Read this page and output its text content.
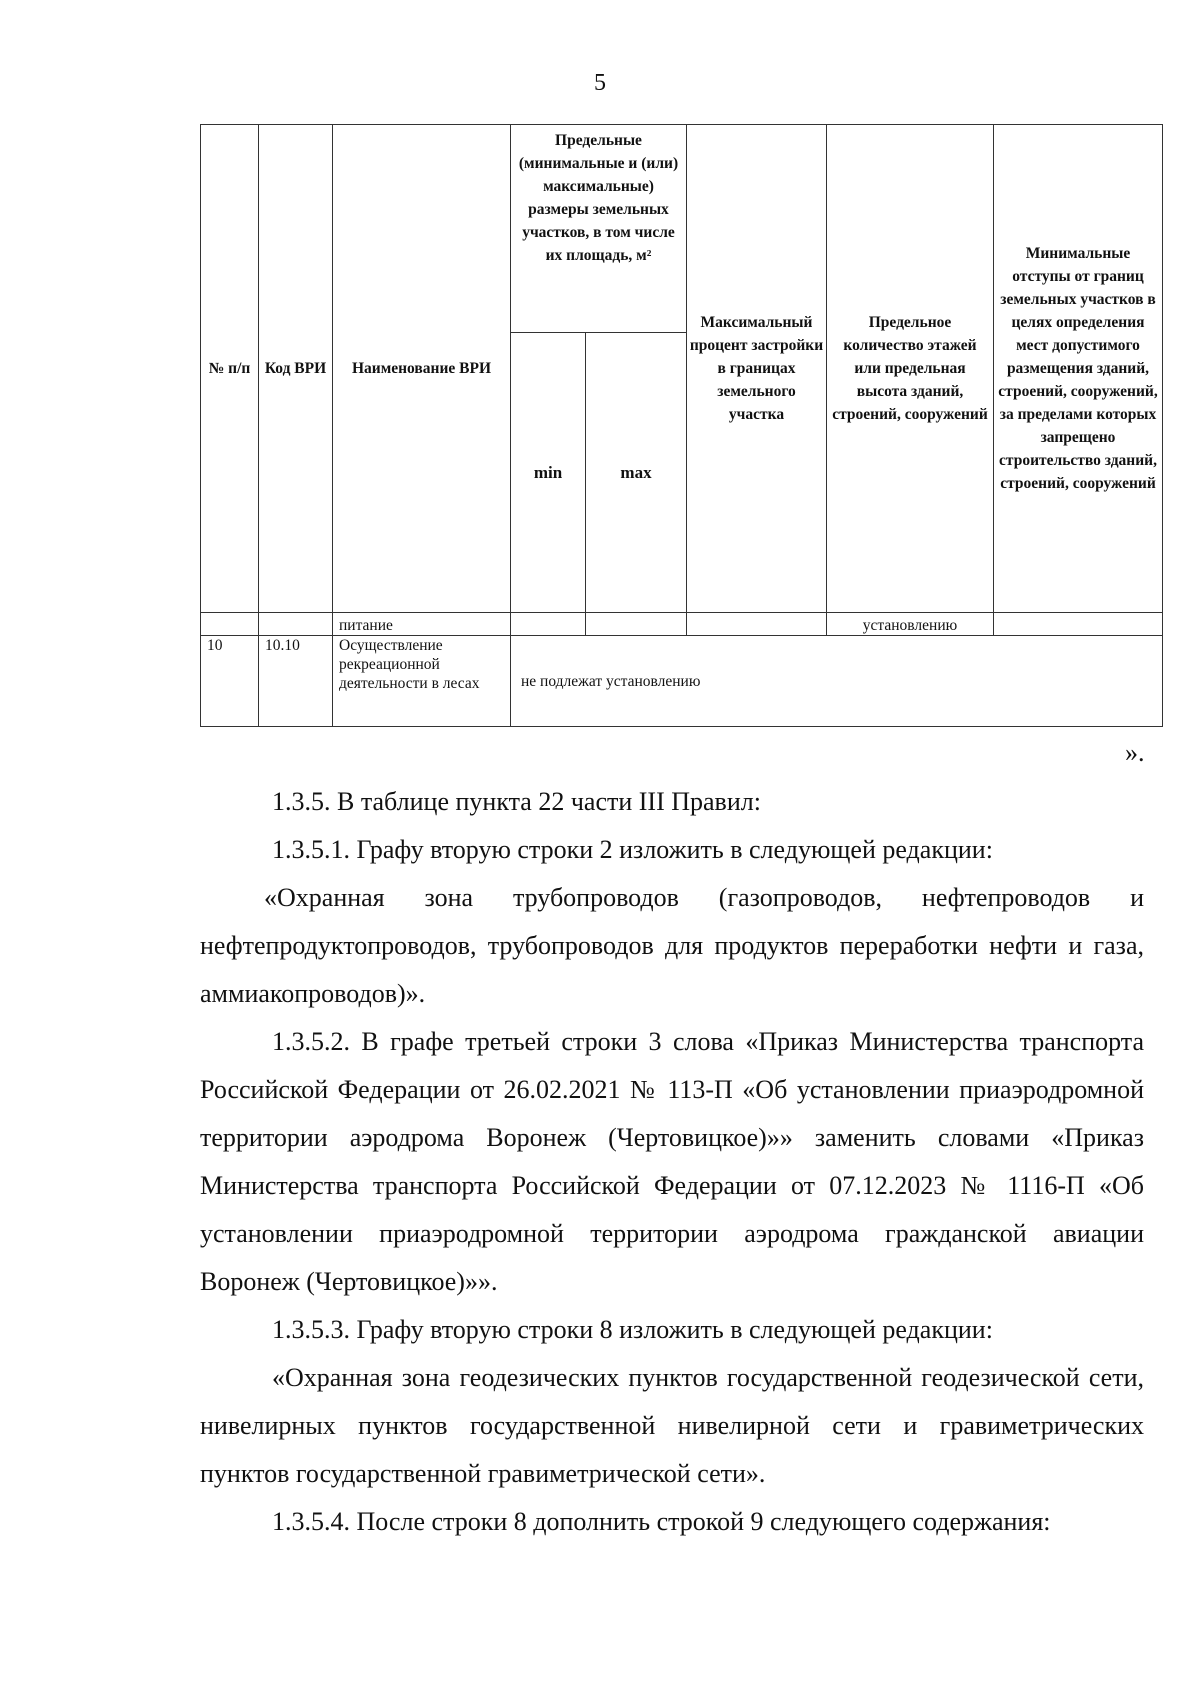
5
№ п/п	Код ВРИ	Наименование ВРИ	Предельные (минимальные и (или) максимальные) размеры земельных участков, в том числе их площадь, м²		Максимальный процент застройки в границах земельного участка	Предельное количество этажей или предельная высота зданий, строений, сооружений	Минимальные отступы от границ земельных участков в целях определения мест допустимого размещения зданий, строений, сооружений, за пределами которых запрещено строительство зданий, строений, сооружений
			min	max			
		питание				установлению	
10	10.10	Осуществление рекреационной деятельности в лесах	не подлежат установлению				
».

1.3.5. В таблице пункта 22 части III Правил:

1.3.5.1. Графу вторую строки 2 изложить в следующей редакции:

«Охранная зона трубопроводов (газопроводов, нефтепроводов и нефтепродуктопроводов, трубопроводов для продуктов переработки нефти и газа, аммиакопроводов)».

1.3.5.2. В графе третьей строки 3 слова «Приказ Министерства транспорта Российской Федерации от 26.02.2021 № 113-П «Об установлении приаэродромной территории аэродрома Воронеж (Чертовицкое)»» заменить словами «Приказ Министерства транспорта Российской Федерации от 07.12.2023 № 1116-П «Об установлении приаэродромной территории аэродрома гражданской авиации Воронеж (Чертовицкое)»».

1.3.5.3. Графу вторую строки 8 изложить в следующей редакции:

«Охранная зона геодезических пунктов государственной геодезической сети, нивелирных пунктов государственной нивелирной сети и гравиметрических пунктов государственной гравиметрической сети».

1.3.5.4. После строки 8 дополнить строкой 9 следующего содержания:
